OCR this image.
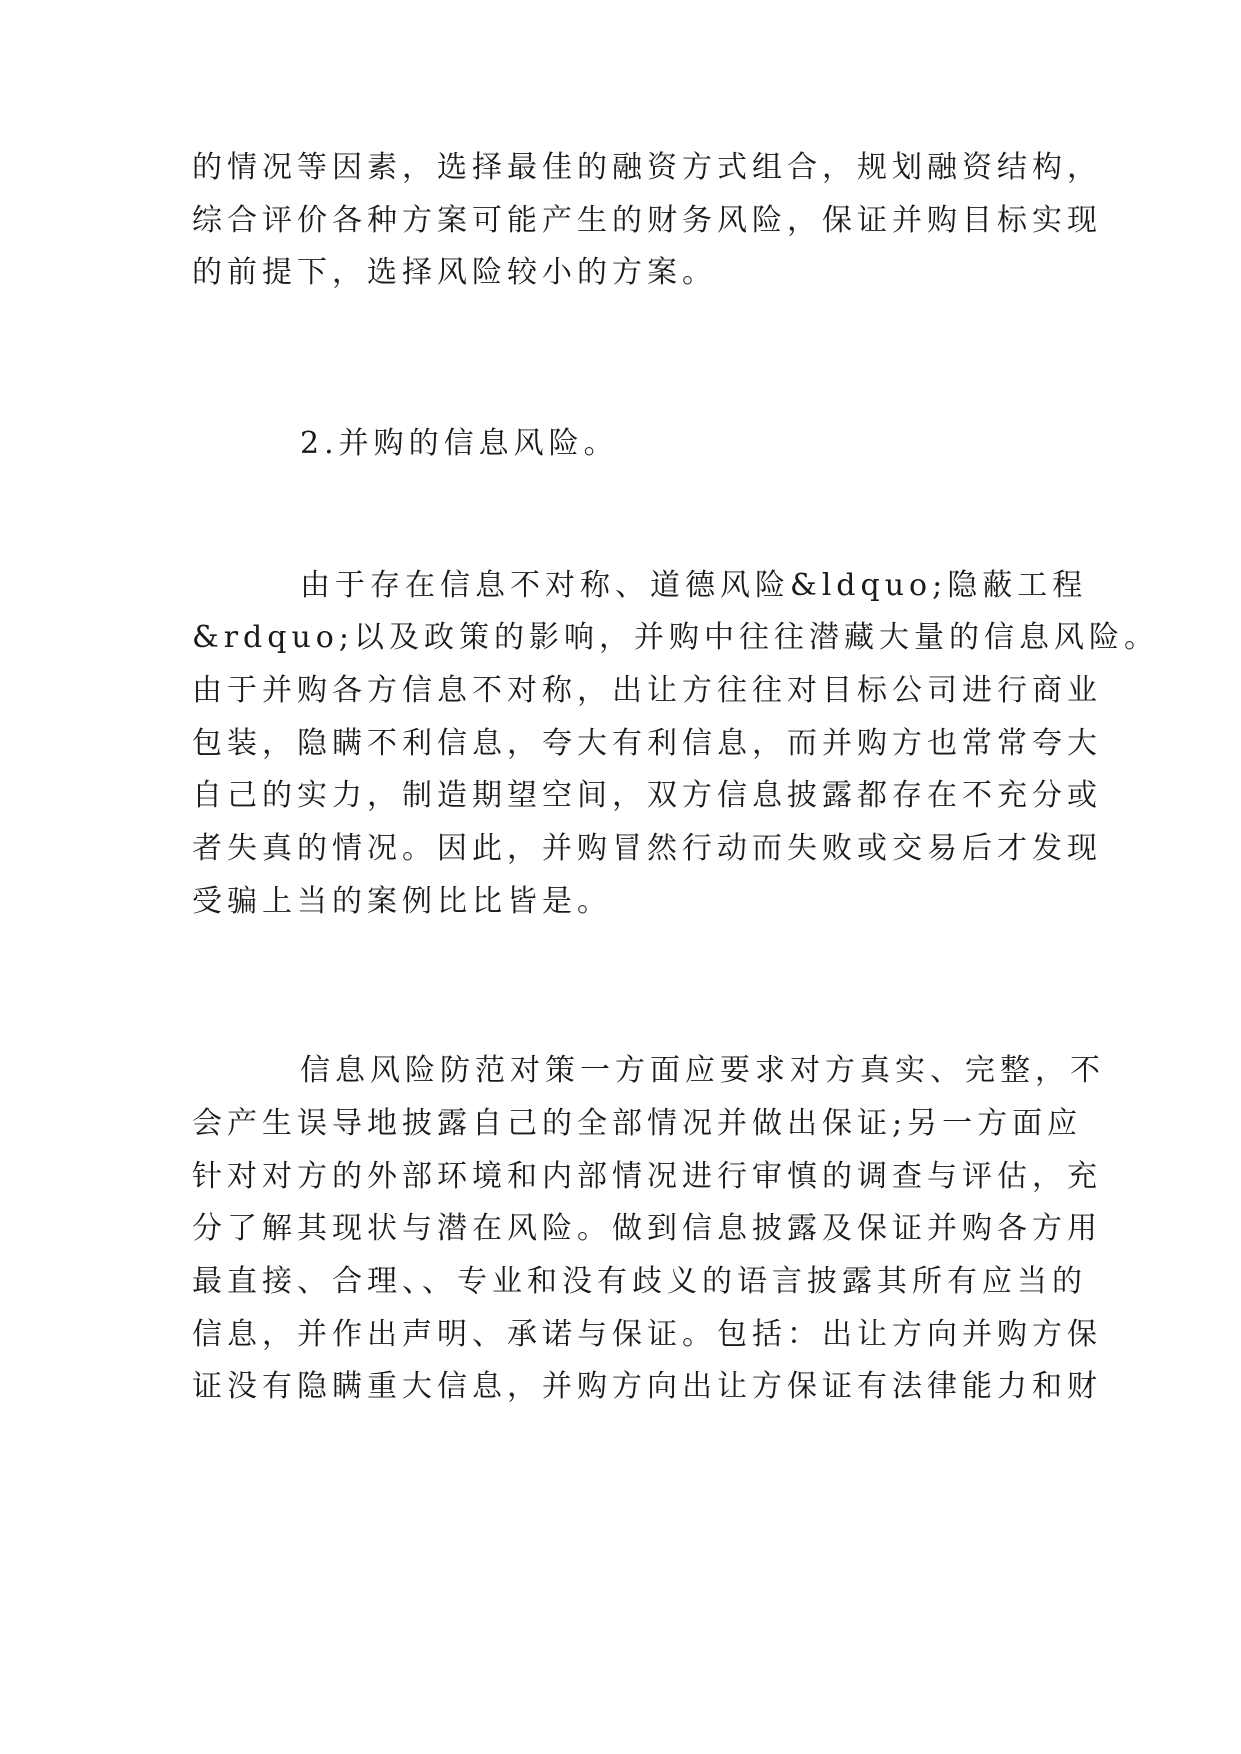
的情况等因素，选择最佳的融资方式组合，规划融资结构，
综合评价各种方案可能产生的财务风险，保证并购目标实现
的前提下，选择风险较小的方案。
2.并购的信息风险。
由于存在信息不对称、道德风险&ldquo;隐蔽工程
&rdquo;以及政策的影响，并购中往往潜藏大量的信息风险。
由于并购各方信息不对称，出让方往往对目标公司进行商业
包装，隐瞒不利信息，夸大有利信息，而并购方也常常夸大
自己的实力，制造期望空间，双方信息披露都存在不充分或
者失真的情况。因此，并购冒然行动而失败或交易后才发现
受骗上当的案例比比皆是。
信息风险防范对策一方面应要求对方真实、完整，不
会产生误导地披露自己的全部情况并做出保证;另一方面应
针对对方的外部环境和内部情况进行审慎的调查与评估，充
分了解其现状与潜在风险。做到信息披露及保证并购各方用
最直接、合理、、专业和没有歧义的语言披露其所有应当的
信息，并作出声明、承诺与保证。包括：出让方向并购方保
证没有隐瞒重大信息，并购方向出让方保证有法律能力和财
